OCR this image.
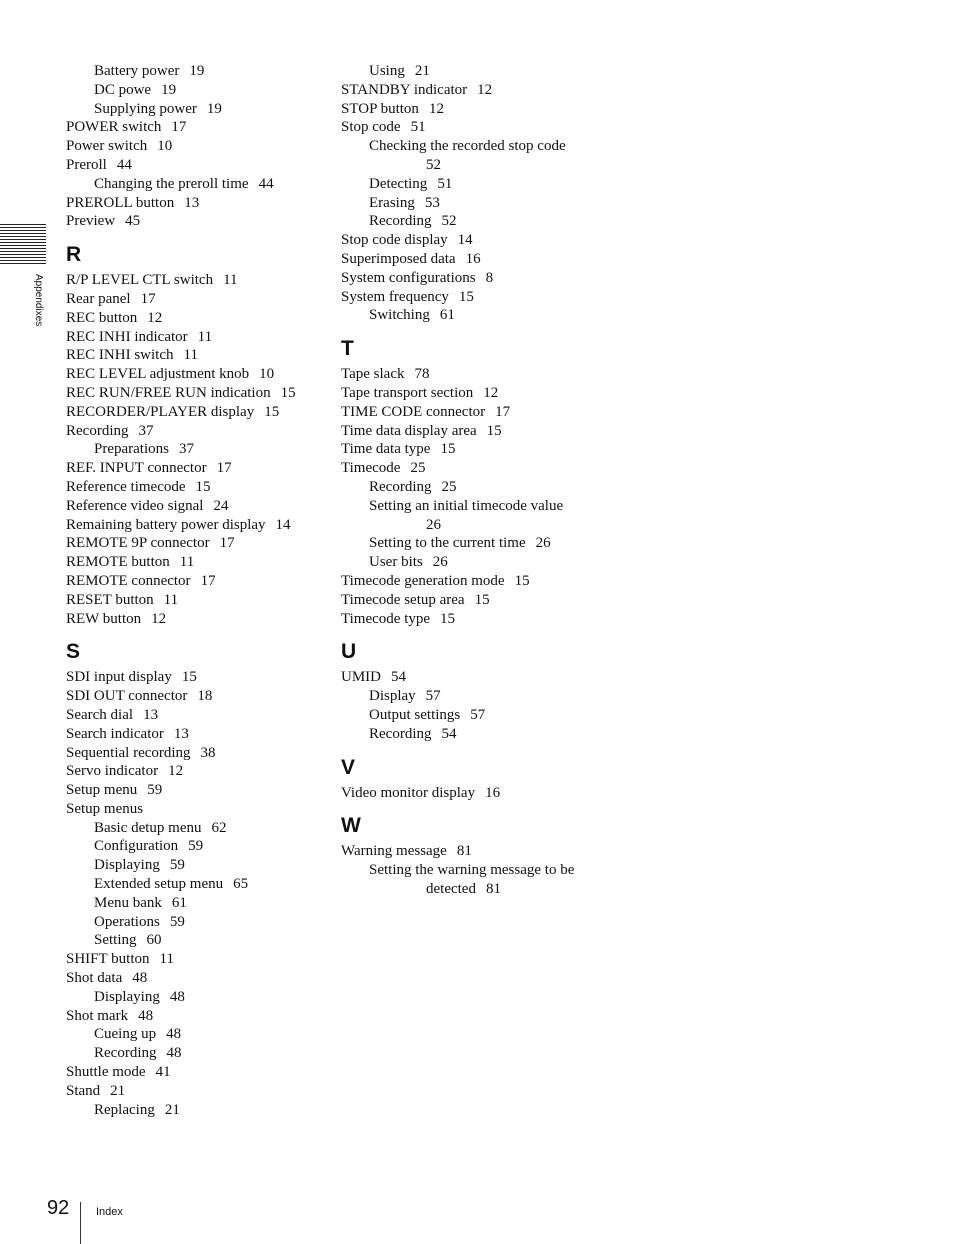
Appendixes
Battery power 19
DC powe 19
Supplying power 19
POWER switch 17
Power switch 10
Preroll 44
Changing the preroll time 44
PREROLL button 13
Preview 45
R
R/P LEVEL CTL switch 11
Rear panel 17
REC button 12
REC INHI indicator 11
REC INHI switch 11
REC LEVEL adjustment knob 10
REC RUN/FREE RUN indication 15
RECORDER/PLAYER display 15
Recording 37
Preparations 37
REF. INPUT connector 17
Reference timecode 15
Reference video signal 24
Remaining battery power display 14
REMOTE 9P connector 17
REMOTE button 11
REMOTE connector 17
RESET button 11
REW button 12
S
SDI input display 15
SDI OUT connector 18
Search dial 13
Search indicator 13
Sequential recording 38
Servo indicator 12
Setup menu 59
Setup menus
Basic detup menu 62
Configuration 59
Displaying 59
Extended setup menu 65
Menu bank 61
Operations 59
Setting 60
SHIFT button 11
Shot data 48
Displaying 48
Shot mark 48
Cueing up 48
Recording 48
Shuttle mode 41
Stand 21
Replacing 21
Using 21
STANDBY indicator 12
STOP button 12
Stop code 51
Checking the recorded stop code
52
Detecting 51
Erasing 53
Recording 52
Stop code display 14
Superimposed data 16
System configurations 8
System frequency 15
Switching 61
T
Tape slack 78
Tape transport section 12
TIME CODE connector 17
Time data display area 15
Time data type 15
Timecode 25
Recording 25
Setting an initial timecode value
26
Setting to the current time 26
User bits 26
Timecode generation mode 15
Timecode setup area 15
Timecode type 15
U
UMID 54
Display 57
Output settings 57
Recording 54
V
Video monitor display 16
W
Warning message 81
Setting the warning message to be
detected 81
92 Index
